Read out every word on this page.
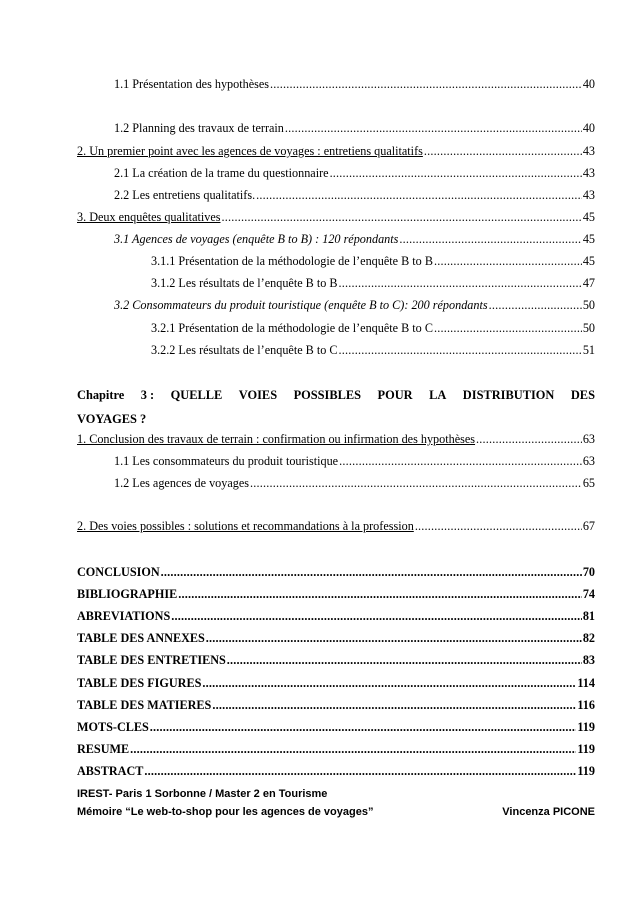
1.1 Présentation des hypothèses .....	40
1.2 Planning des travaux de terrain .....	40
2. Un premier point avec les agences de voyages : entretiens qualitatifs .....	43
2.1 La création de la trame du questionnaire .....	43
2.2 Les entretiens qualitatifs. .....	43
3. Deux enquêtes qualitatives .....	45
3.1 Agences de voyages (enquête B to B) : 120 répondants .....	45
3.1.1 Présentation de la méthodologie de l’enquête B to B .....	45
3.1.2 Les résultats de l’enquête B to B .....	47
3.2 Consommateurs du produit touristique (enquête B to C): 200 répondants .....	50
3.2.1 Présentation de la méthodologie de l’enquête B to C .....	50
3.2.2 Les résultats de l’enquête B to C .....	51
Chapitre 3 : QUELLE VOIES POSSIBLES POUR LA DISTRIBUTION DES
VOYAGES ?
1. Conclusion des travaux de terrain : confirmation ou infirmation des hypothèses .....	63
1.1 Les consommateurs du produit touristique .....	63
1.2 Les agences de voyages .....	65
2. Des voies possibles : solutions et recommandations à la profession .....	67
CONCLUSION .....	70
BIBLIOGRAPHIE .....	74
ABREVIATIONS .....	81
TABLE DES ANNEXES .....	82
TABLE DES ENTRETIENS .....	83
TABLE DES FIGURES .....	114
TABLE DES MATIERES .....	116
MOTS-CLES .....	119
RESUME .....	119
ABSTRACT .....	119
IREST- Paris 1 Sorbonne / Master 2 en Tourisme
Mémoire “Le web-to-shop pour les agences de voyages”	Vincenza PICONE
